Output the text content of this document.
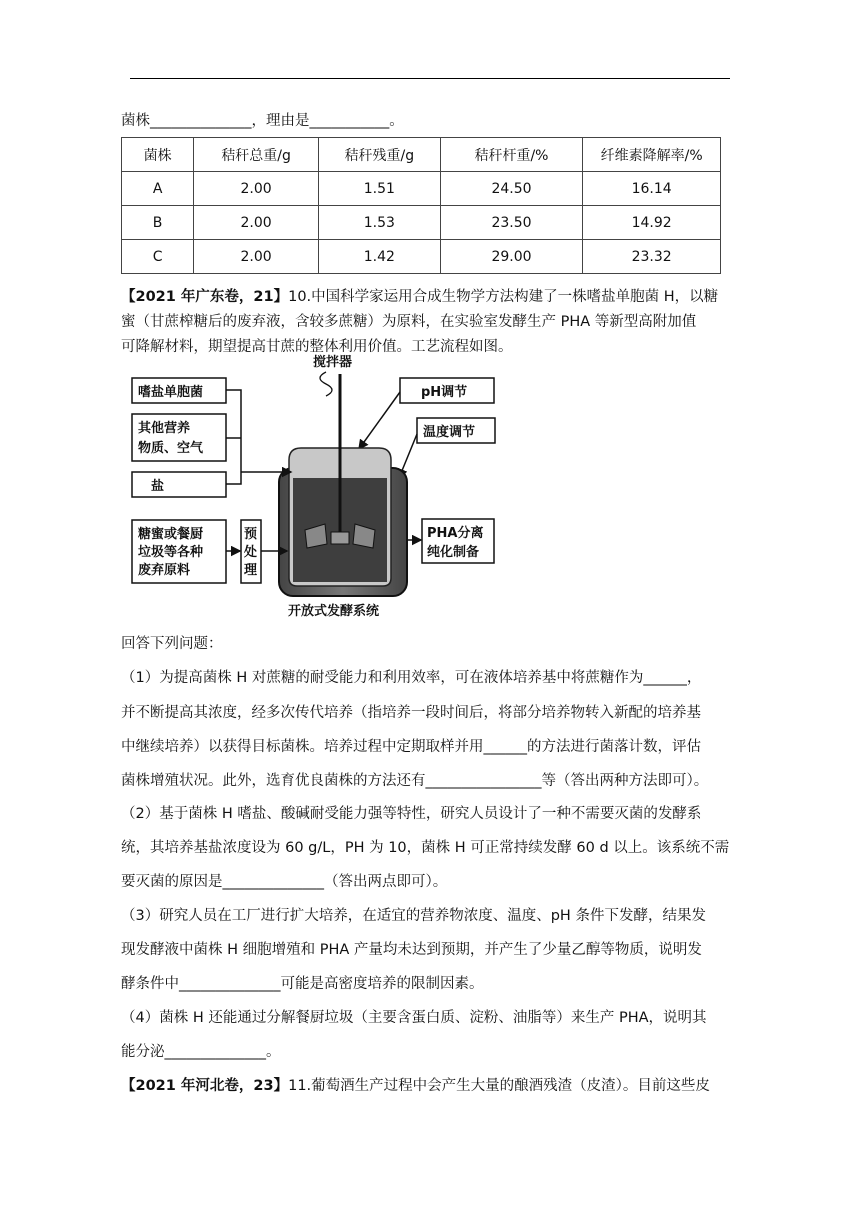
菌株______________，理由是___________。
菌株	秸秆总重/g	秸秆残重/g	秸秆杆重/%	纤维素降解率/%
A	2.00	1.51	24.50	16.14
B	2.00	1.53	23.50	14.92
C	2.00	1.42	29.00	23.32
【2021 年广东卷，21】10.中国科学家运用合成生物学方法构建了一株嗜盐单胞菌 H，以糖
蜜（甘蔗榨糖后的废弃液，含较多蔗糖）为原料，在实验室发酵生产 PHA 等新型高附加值
可降解材料，期望提高甘蔗的整体利用价值。工艺流程如图。
搅拌器
pH调节
温度调节
嗜盐单胞菌
其他营养
物质、空气
盐
糖蜜或餐厨
垃圾等各种
废弃原料
预
处
理
PHA分离
纯化制备
开放式发酵系统
回答下列问题：
（1）为提高菌株 H 对蔗糖的耐受能力和利用效率，可在液体培养基中将蔗糖作为______，
并不断提高其浓度，经多次传代培养（指培养一段时间后，将部分培养物转入新配的培养基
中继续培养）以获得目标菌株。培养过程中定期取样并用______的方法进行菌落计数，评估
菌株增殖状况。此外，选育优良菌株的方法还有________________等（答出两种方法即可）。
（2）基于菌株 H 嗜盐、酸碱耐受能力强等特性，研究人员设计了一种不需要灭菌的发酵系
统，其培养基盐浓度设为 60 g/L，PH 为 10，菌株 H 可正常持续发酵 60 d 以上。该系统不需
要灭菌的原因是______________（答出两点即可）。
（3）研究人员在工厂进行扩大培养，在适宜的营养物浓度、温度、pH 条件下发酵，结果发
现发酵液中菌株 H 细胞增殖和 PHA 产量均未达到预期，并产生了少量乙醇等物质，说明发
酵条件中______________可能是高密度培养的限制因素。
（4）菌株 H 还能通过分解餐厨垃圾（主要含蛋白质、淀粉、油脂等）来生产 PHA，说明其
能分泌______________。
【2021 年河北卷，23】11.葡萄酒生产过程中会产生大量的酿酒残渣（皮渣）。目前这些皮
